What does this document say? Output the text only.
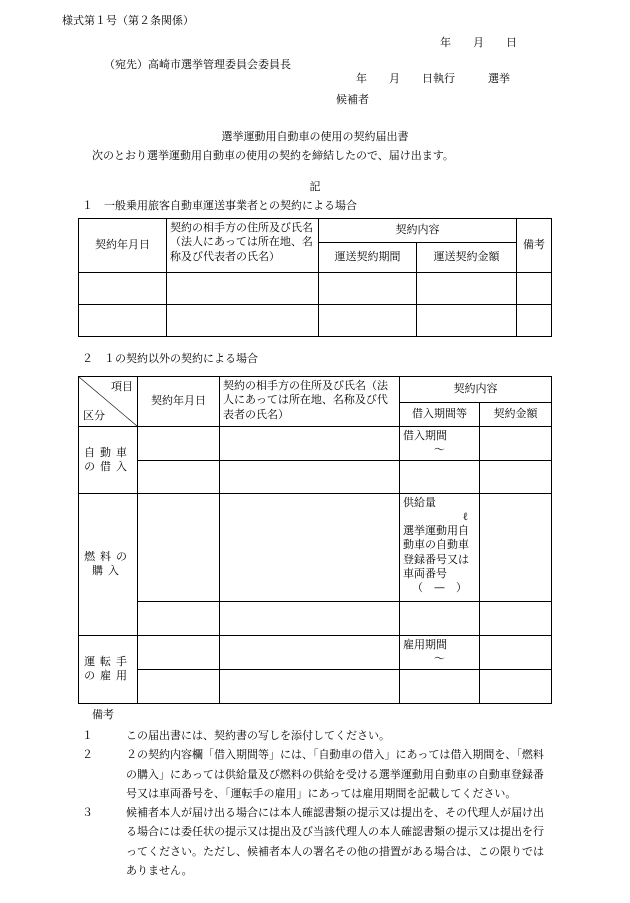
様式第１号（第２条関係）
年　　月　　日
（宛先）高崎市選挙管理委員会委員長
年　　月　　日執行　　　選挙
候補者
選挙運動用自動車の使用の契約届出書
次のとおり選挙運動用自動車の使用の契約を締結したので、届け出ます。
記
１　一般乗用旅客自動車運送事業者との契約による場合
契約年月日	契約の相手方の住所及び氏名（法人にあっては所在地、名称及び代表者の氏名）	契約内容		備考
		運送契約期間	運送契約金額	

２　１の契約以外の契約による場合
項目
区分	契約年月日	契約の相手方の住所及び氏名（法人にあっては所在地、名称及び代表者の氏名）	契約内容	
			借入期間等	契約金額
自動車の借入			借入期間
～	

燃料の購入			供給量
ℓ
選挙運動用自動車の自動車登録番号又は車両番号
（　—　）	

運転手の雇用			雇用期間
～	

備考
１	この届出書には、契約書の写しを添付してください。
２	２の契約内容欄「借入期間等」には、「自動車の借入」にあっては借入期間を、「燃料の購入」にあっては供給量及び燃料の供給を受ける選挙運動用自動車の自動車登録番号又は車両番号を、「運転手の雇用」にあっては雇用期間を記載してください。
３	候補者本人が届け出る場合には本人確認書類の提示又は提出を、その代理人が届け出る場合には委任状の提示又は提出及び当該代理人の本人確認書類の提示又は提出を行ってください。ただし、候補者本人の署名その他の措置がある場合は、この限りではありません。
